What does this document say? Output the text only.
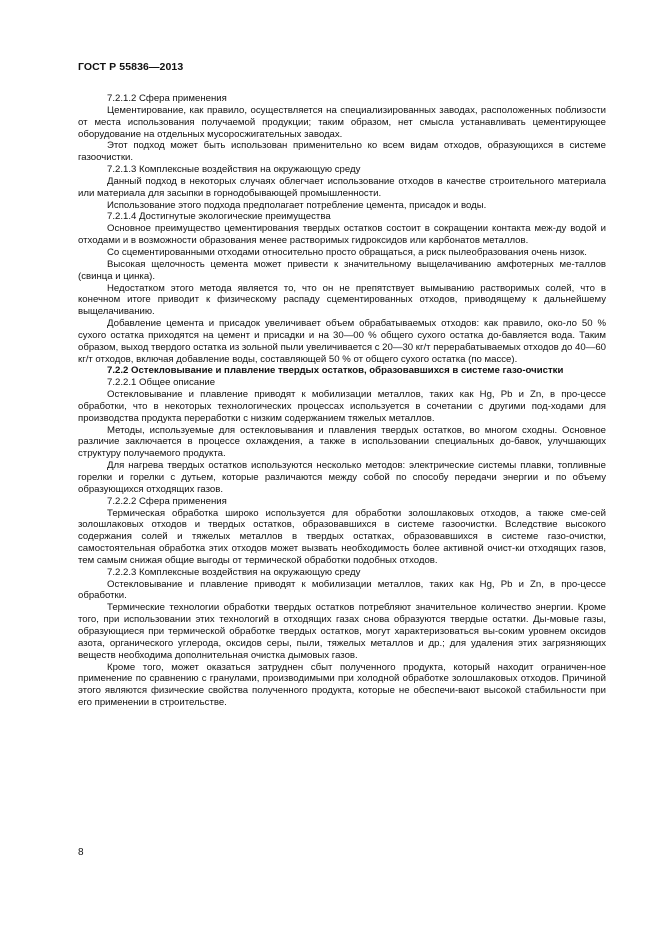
ГОСТ Р 55836—2013

7.2.1.2 Сфера применения

Цементирование, как правило, осуществляется на специализированных заводах, расположенных поблизости от места использования получаемой продукции; таким образом, нет смысла устанавливать цементирующее оборудование на отдельных мусоросжигательных заводах.

Этот подход может быть использован применительно ко всем видам отходов, образующихся в системе газоочистки.

7.2.1.3 Комплексные воздействия на окружающую среду

Данный подход в некоторых случаях облегчает использование отходов в качестве строительного материала или материала для засыпки в горнодобывающей промышленности.

Использование этого подхода предполагает потребление цемента, присадок и воды.

7.2.1.4 Достигнутые экологические преимущества

Основное преимущество цементирования твердых остатков состоит в сокращении контакта меж-ду водой и отходами и в возможности образования менее растворимых гидроксидов или карбонатов металлов.

Со сцементированными отходами относительно просто обращаться, а риск пылеобразования очень низок.

Высокая щелочность цемента может привести к значительному выщелачиванию амфотерных ме-таллов (свинца и цинка).

Недостатком этого метода является то, что он не препятствует вымыванию растворимых солей, что в конечном итоге приводит к физическому распаду сцементированных отходов, приводящему к дальнейшему выщелачиванию.

Добавление цемента и присадок увеличивает объем обрабатываемых отходов: как правило, око-ло 50 % сухого остатка приходятся на цемент и присадки и на 30—00 % общего сухого остатка до-бавляется вода. Таким образом, выход твердого остатка из зольной пыли увеличивается с 20—30 кг/т перерабатываемых отходов до 40—60 кг/т отходов, включая добавление воды, составляющей 50 % от общего сухого остатка (по массе).

7.2.2 Остекловывание и плавление твердых остатков, образовавшихся в системе газо-очистки

7.2.2.1 Общее описание

Остекловывание и плавление приводят к мобилизации металлов, таких как Hg, Pb и Zn, в про-цессе обработки, что в некоторых технологических процессах используется в сочетании с другими под-ходами для производства продукта переработки с низким содержанием тяжелых металлов.

Методы, используемые для остекловывания и плавления твердых остатков, во многом сходны. Основное различие заключается в процессе охлаждения, а также в использовании специальных до-бавок, улучшающих структуру получаемого продукта.

Для нагрева твердых остатков используются несколько методов: электрические системы плавки, топливные горелки и горелки с дутьем, которые различаются между собой по способу передачи энергии и по объему образующихся отходящих газов.

7.2.2.2 Сфера применения

Термическая обработка широко используется для обработки золошлаковых отходов, а также сме-сей золошлаковых отходов и твердых остатков, образовавшихся в системе газоочистки. Вследствие высокого содержания солей и тяжелых металлов в твердых остатках, образовавшихся в системе газо-очистки, самостоятельная обработка этих отходов может вызвать необходимость более активной очист-ки отходящих газов, тем самым снижая общие выгоды от термической обработки подобных отходов.

7.2.2.3 Комплексные воздействия на окружающую среду

Остекловывание и плавление приводят к мобилизации металлов, таких как Hg, Pb и Zn, в про-цессе обработки.

Термические технологии обработки твердых остатков потребляют значительное количество энергии. Кроме того, при использовании этих технологий в отходящих газах снова образуются твердые остатки. Ды-мовые газы, образующиеся при термической обработке твердых остатков, могут характеризоваться вы-соким уровнем оксидов азота, органического углерода, оксидов серы, пыли, тяжелых металлов и др.; для удаления этих загрязняющих веществ необходима дополнительная очистка дымовых газов.

Кроме того, может оказаться затруднен сбыт полученного продукта, который находит ограничен-ное применение по сравнению с гранулами, производимыми при холодной обработке золошлаковых отходов. Причиной этого являются физические свойства полученного продукта, которые не обеспечи-вают высокой стабильности при его применении в строительстве.

8
